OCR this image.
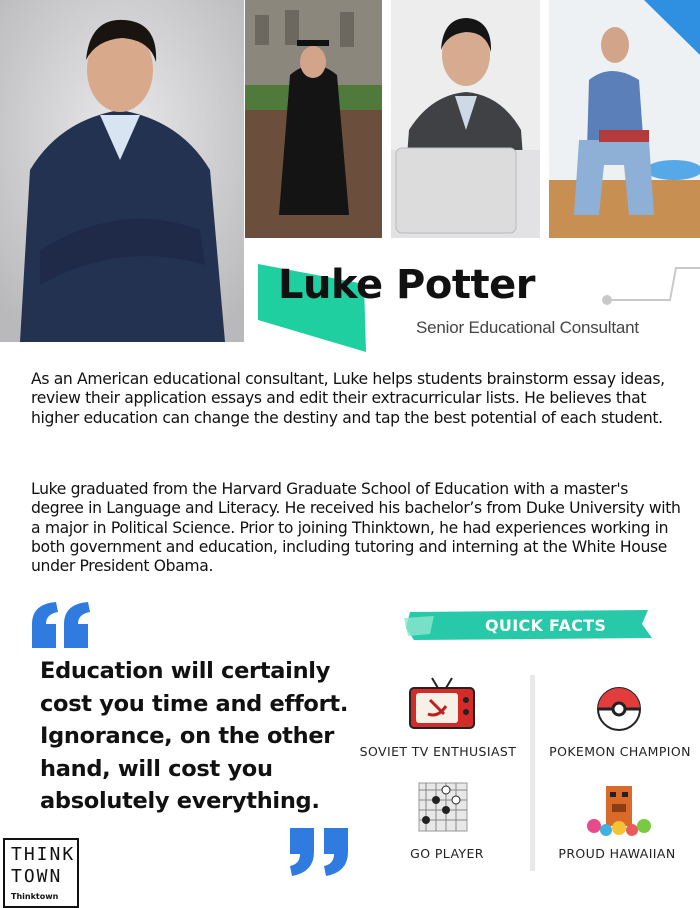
Luke Potter
Senior Educational Consultant
As an American educational consultant, Luke helps students brainstorm essay ideas, review their application essays and edit their extracurricular lists. He believes that higher education can change the destiny and tap the best potential of each student.
Luke graduated from the Harvard Graduate School of Education with a master's degree in Language and Literacy. He received his bachelor’s from Duke University with a major in Political Science. Prior to joining Thinktown, he had experiences working in both government and education, including tutoring and interning at the White House under President Obama.
Education will certainly cost you time and effort. Ignorance, on the other hand, will cost you absolutely everything.
QUICK FACTS
SOVIET TV ENTHUSIAST	POKEMON CHAMPION
GO PLAYER	PROUD HAWAIIAN
THINK
TOWN
Thinktown
